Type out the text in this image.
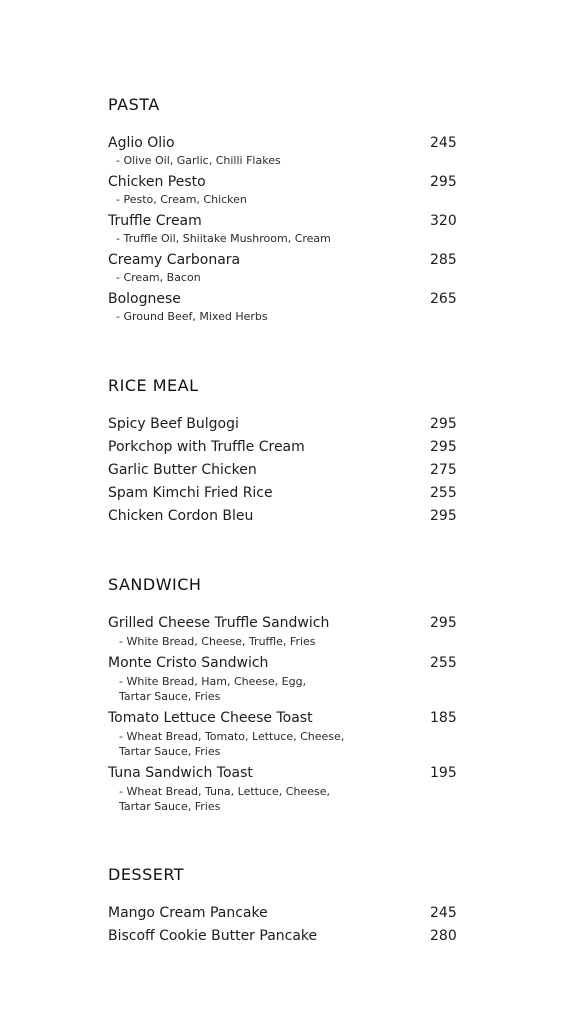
PASTA
Aglio Olio	245
- Olive Oil, Garlic, Chilli Flakes
Chicken Pesto	295
- Pesto, Cream, Chicken
Truffle Cream	320
- Truffle Oil, Shiitake Mushroom, Cream
Creamy Carbonara	285
- Cream, Bacon
Bolognese	265
- Ground Beef, Mixed Herbs
RICE MEAL
Spicy Beef Bulgogi	295
Porkchop with Truffle Cream	295
Garlic Butter Chicken	275
Spam Kimchi Fried Rice	255
Chicken Cordon Bleu	295
SANDWICH
Grilled Cheese Truffle Sandwich	295
- White Bread, Cheese, Truffle, Fries
Monte Cristo Sandwich	255
- White Bread, Ham, Cheese, Egg,
Tartar Sauce, Fries
Tomato Lettuce Cheese Toast	185
- Wheat Bread, Tomato, Lettuce, Cheese,
Tartar Sauce, Fries
Tuna Sandwich Toast	195
- Wheat Bread, Tuna, Lettuce, Cheese,
Tartar Sauce, Fries
DESSERT
Mango Cream Pancake	245
Biscoff Cookie Butter Pancake	280
